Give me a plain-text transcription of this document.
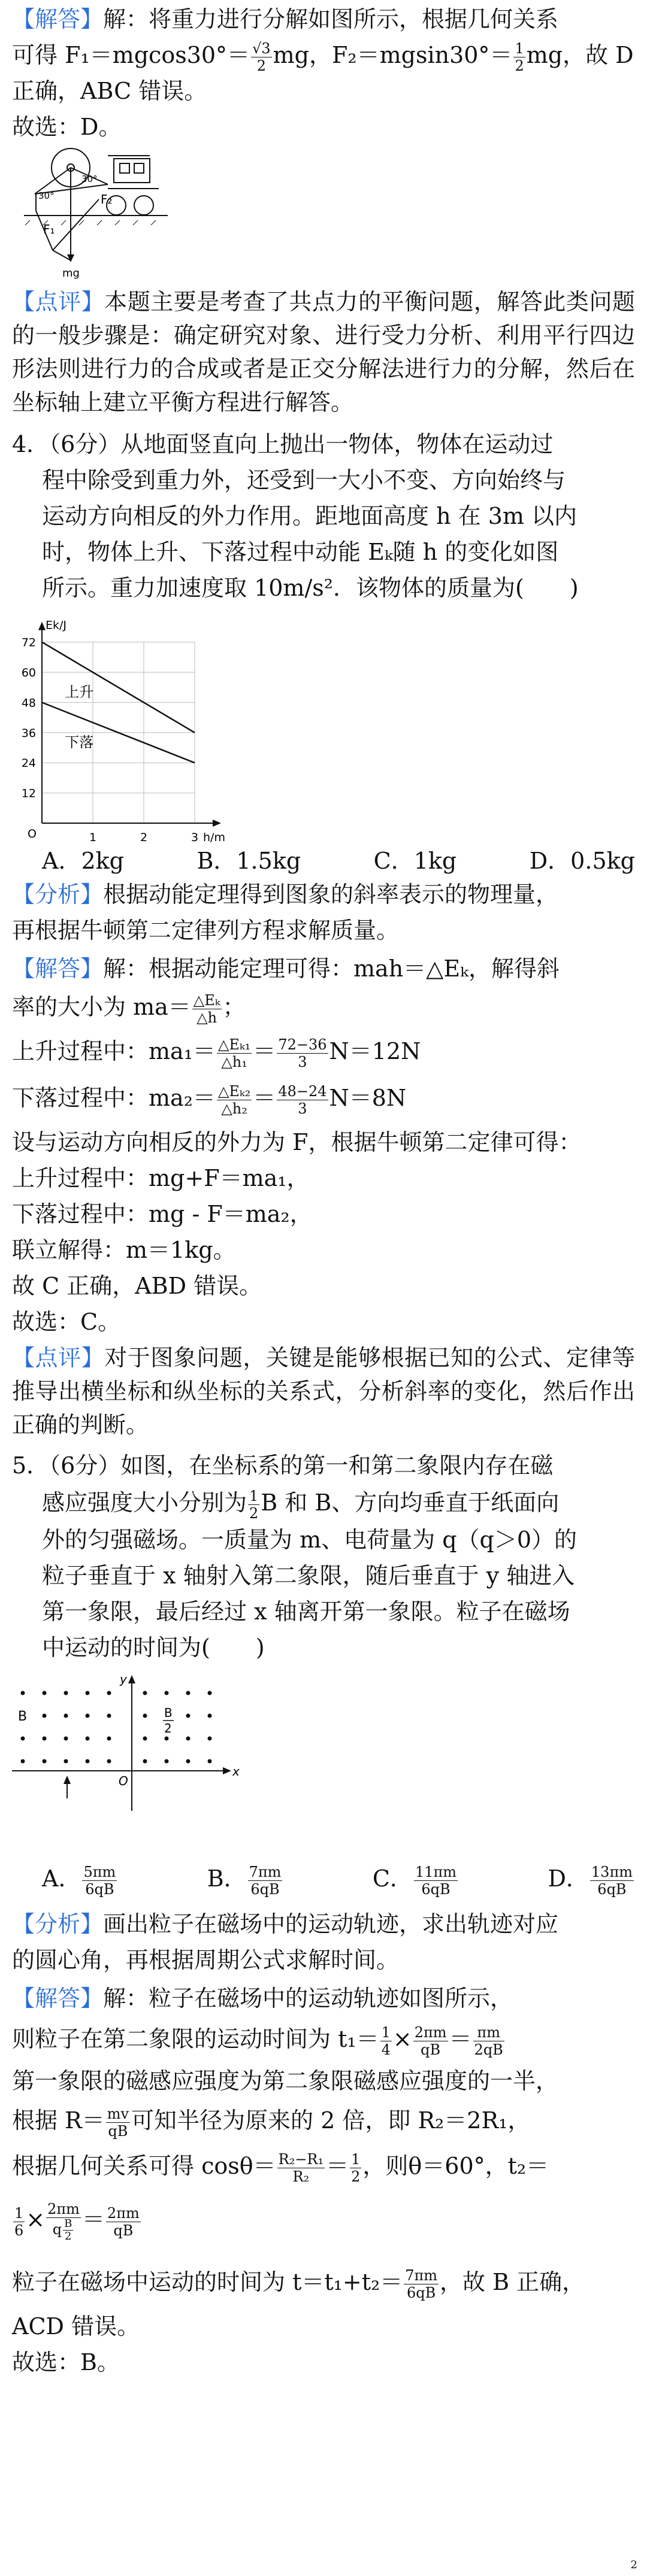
【解答】解：将重力进行分解如图所示，根据几何关系
可得 $F_1=mgcos30^\circ= \frac{√3}{2}$ mg，$F_2=mgsin30^\circ= \frac{1}{2}$ mg，故 D
正确，ABC 错误。
故选：D。
30°
30°
F₁
F₂
mg
【点评】本题主要是考查了共点力的平衡问题，解答此类问题的一般步骤是：确定研究对象、进行受力分析、利用平行四边形法则进行力的合成或者是正交分解法进行力的分解，然后在坐标轴上建立平衡方程进行解答。
4．（6分）从地面竖直向上抛出一物体，物体在运动过
程中除受到重力外，还受到一大小不变、方向始终与
运动方向相反的外力作用。距地面高度 h 在 3m 以内
时，物体上升、下落过程中动能 Eₖ随 h 的变化如图
所示。重力加速度取 10m/s²．该物体的质量为(　　)
72
60
48
36
24
12
1	2	3
O
Ek/J
h/m
上升
下落
A．2kg	B．1.5kg	C．1kg	D．0.5kg
【分析】根据动能定理得到图象的斜率表示的物理量，
再根据牛顿第二定律列方程求解质量。
【解答】解：根据动能定理可得：mah＝△Eₖ，解得斜
率的大小为 $ma= \frac{\text{△Eₖ}}{\triangle h}$ ；
上升过程中：$ma_1= \frac{\text{△Eₖ₁}}{\text{△h₁}} = \frac{72-36}{3} N=12N$
下落过程中：$ma_2= \frac{\text{△Eₖ₂}}{\text{△h₂}} = \frac{48-24}{3} N=8N$
设与运动方向相反的外力为 F，根据牛顿第二定律可得：
上升过程中：mg+F＝ma₁，
下落过程中：mg - F＝ma₂，
联立解得：m＝1kg。
故 C 正确，ABD 错误。
故选：C。
【点评】对于图象问题，关键是能够根据已知的公式、定律等推导出横坐标和纵坐标的关系式，分析斜率的变化，然后作出正确的判断。
5．（6分）如图，在坐标系的第一和第二象限内存在磁
感应强度大小分别为 $\frac{1}{2}$ B 和 B、方向均垂直于纸面向
外的匀强磁场。一质量为 m、电荷量为 q（q＞0）的
粒子垂直于 x 轴射入第二象限，随后垂直于 y 轴进入
第一象限，最后经过 x 轴离开第一象限。粒子在磁场
中运动的时间为(　　)
x
y
O
B	B
2
A． $\frac{5\pi m}{6qB}$	B． $\frac{7\pi m}{6qB}$	C． $\frac{11\pi m}{6qB}$	D． $\frac{13\pi m}{6qB}$
【分析】画出粒子在磁场中的运动轨迹，求出轨迹对应
的圆心角，再根据周期公式求解时间。
【解答】解：粒子在磁场中的运动轨迹如图所示，
则粒子在第二象限的运动时间为 $t_1= \frac{1}{4} \times \frac{2\pi m}{qB} = \frac{\pi m}{2qB}$
第一象限的磁感应强度为第二象限磁感应强度的一半，
根据 $R= \frac{mv}{qB}$ 可知半径为原来的 2 倍，即 R₂＝2R₁，
根据几何关系可得 $\cos\theta= \frac{\text{R₂−R₁}}{\text{R₂}} = \frac{1}{2}$ ，则θ＝60°，t₂＝
$\frac{1}{6} \times \frac{2\pi m}{q \frac{B}{2}} = \frac{2\pi m}{qB}$
粒子在磁场中运动的时间为 $t=t_1+t_2= \frac{7\pi m}{6qB}$ ，故 B 正确，
ACD 错误。
故选：B。
2
